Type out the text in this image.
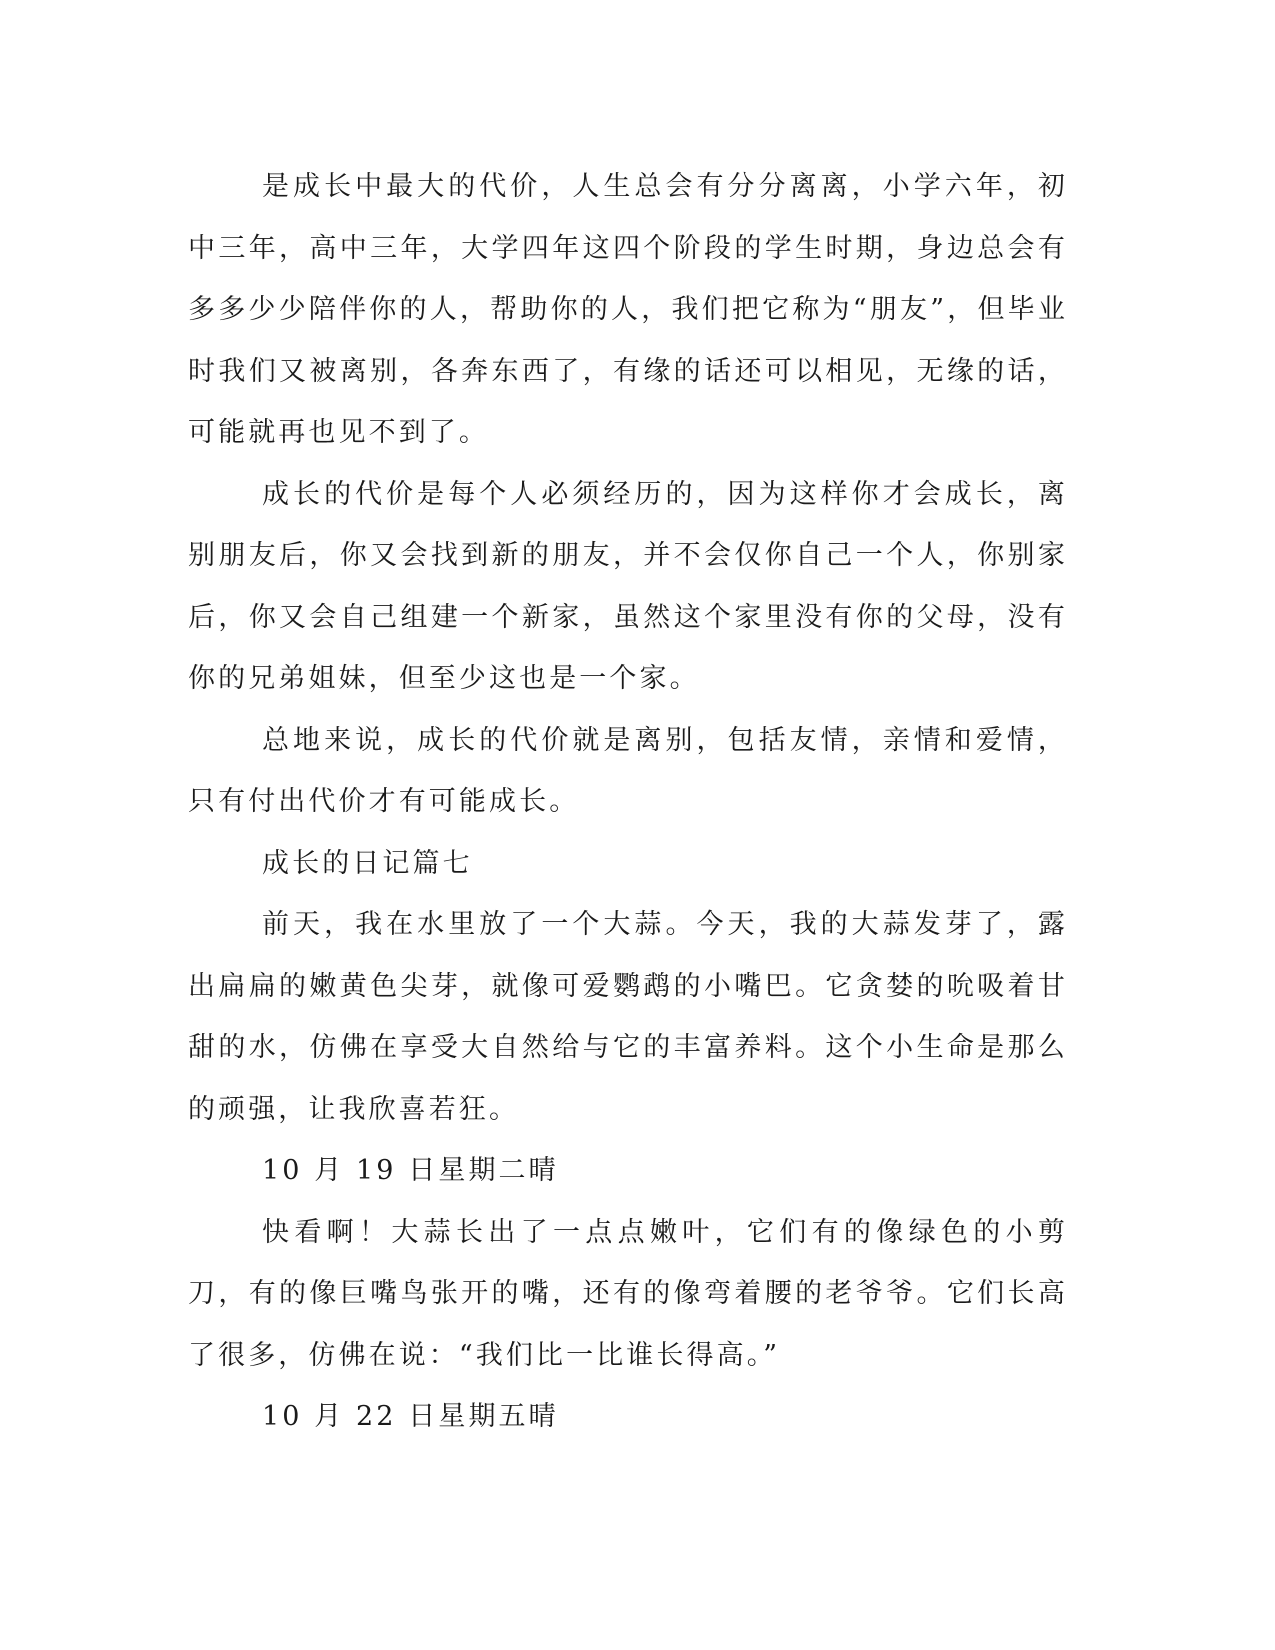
是成长中最大的代价，人生总会有分分离离，小学六年，初中三年，高中三年，大学四年这四个阶段的学生时期，身边总会有多多少少陪伴你的人，帮助你的人，我们把它称为“朋友”，但毕业时我们又被离别，各奔东西了，有缘的话还可以相见，无缘的话，可能就再也见不到了。

成长的代价是每个人必须经历的，因为这样你才会成长，离别朋友后，你又会找到新的朋友，并不会仅你自己一个人，你别家后，你又会自己组建一个新家，虽然这个家里没有你的父母，没有你的兄弟姐妹，但至少这也是一个家。

总地来说，成长的代价就是离别，包括友情，亲情和爱情，只有付出代价才有可能成长。

成长的日记篇七

前天，我在水里放了一个大蒜。今天，我的大蒜发芽了，露出扁扁的嫩黄色尖芽，就像可爱鹦鹉的小嘴巴。它贪婪的吮吸着甘甜的水，仿佛在享受大自然给与它的丰富养料。这个小生命是那么的顽强，让我欣喜若狂。

10 月 19 日星期二晴

快看啊！大蒜长出了一点点嫩叶，它们有的像绿色的小剪刀，有的像巨嘴鸟张开的嘴，还有的像弯着腰的老爷爷。它们长高了很多，仿佛在说：“我们比一比谁长得高。”

10 月 22 日星期五晴
